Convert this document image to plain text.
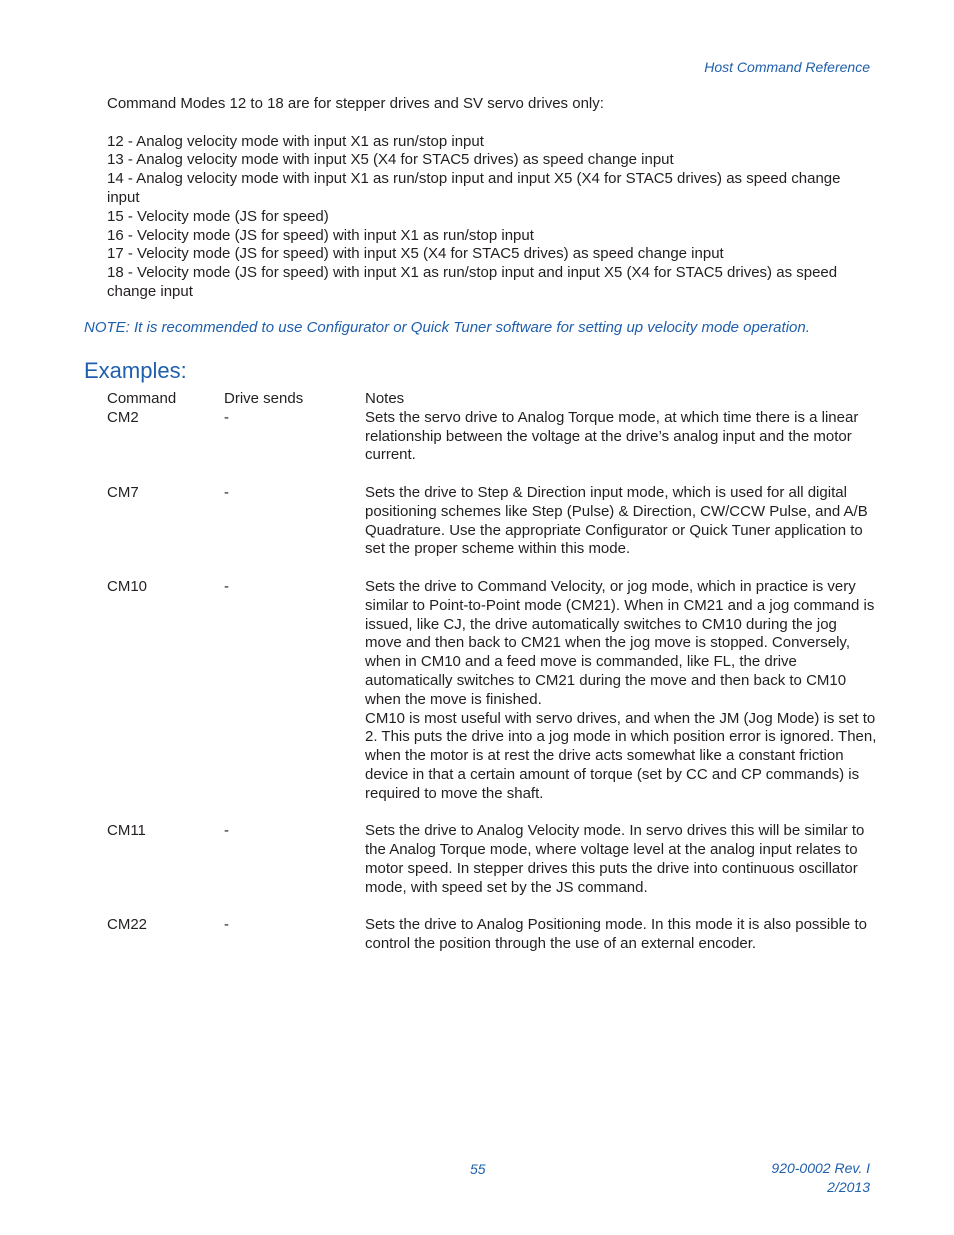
Host Command Reference

Command Modes 12 to 18 are for stepper drives and SV servo drives only:

12 - Analog velocity mode with input X1 as run/stop input
13 - Analog velocity mode with input X5 (X4 for STAC5 drives) as speed change input
14 - Analog velocity mode with input X1 as run/stop input and input X5 (X4 for STAC5 drives) as speed change input
15 - Velocity mode (JS for speed)
16 - Velocity mode (JS for speed) with input X1 as run/stop input
17 - Velocity mode (JS for speed) with input X5 (X4 for STAC5 drives) as speed change input
18 - Velocity mode (JS for speed) with input X1 as run/stop input and input X5 (X4 for STAC5 drives) as speed change input
NOTE: It is recommended to use Configurator or Quick Tuner software for setting up velocity mode operation.
Examples:
Command	Drive sends	Notes
CM2	-	Sets the servo drive to Analog Torque mode, at which time there is a linear relationship between the voltage at the drive’s analog input and the motor current.

CM7	-	Sets the drive to Step & Direction input mode, which is used for all digital positioning schemes like Step (Pulse) & Direction, CW/CCW Pulse, and A/B Quadrature. Use the appropriate Configurator or Quick Tuner application to set the proper scheme within this mode.

CM10	-	Sets the drive to Command Velocity, or jog mode, which in practice is very similar to Point-to-Point mode (CM21). When in CM21 and a jog command is issued, like CJ, the drive automatically switches to CM10 during the jog move and then back to CM21 when the jog move is stopped. Conversely, when in CM10 and a feed move is commanded, like FL, the drive automatically switches to CM21 during the move and then back to CM10 when the move is finished.

CM10 is most useful with servo drives, and when the JM (Jog Mode) is set to 2. This puts the drive into a jog mode in which position error is ignored. Then, when the motor is at rest the drive acts somewhat like a constant friction device in that a certain amount of torque (set by CC and CP commands) is required to move the shaft.

CM11	-	Sets the drive to Analog Velocity mode. In servo drives this will be similar to the Analog Torque mode, where voltage level at the analog input relates to motor speed. In stepper drives this puts the drive into continuous oscillator mode, with speed set by the JS command.

CM22	-	Sets the drive to Analog Positioning mode. In this mode it is also possible to control the position through the use of an external encoder.

55	920-0002 Rev. I
2/2013
